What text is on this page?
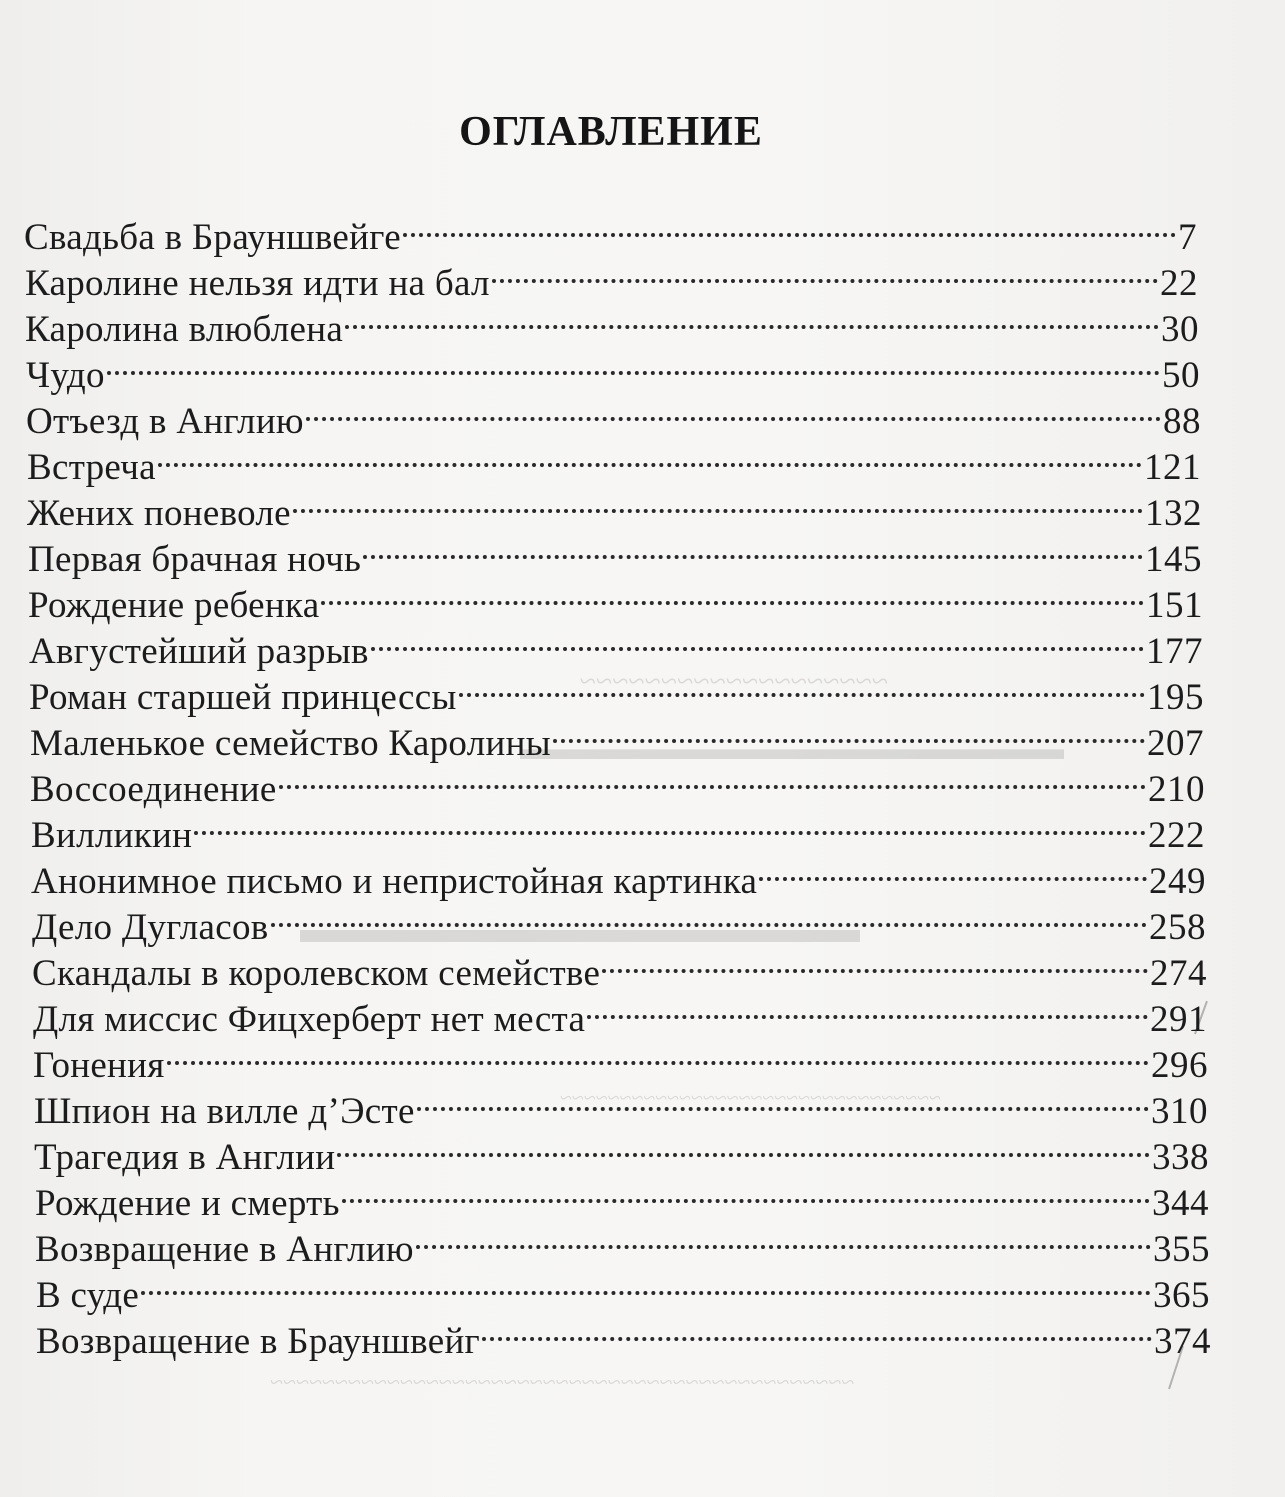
~~~~~~~~~~~~~~~~~~~
▬▬▬▬▬▬▬▬▬▬▬▬▬▬▬▬▬
▬▬▬▬▬▬▬▬▬▬▬▬▬▬
~~~~~~~~~~~~~~~~~~~~~~~~~~~~~~~~
~~~~~~~~~~~~~~~~~~~~~~~~~~~~~~~~~~~~~~~~~~~~~
ОГЛАВЛЕНИЕ
Свадьба в Брауншвейге	7
Каролине нельзя идти на бал	22
Каролина влюблена	30
Чудо	50
Отъезд в Англию	88
Встреча	121
Жених поневоле	132
Первая брачная ночь	145
Рождение ребенка	151
Августейший разрыв	177
Роман старшей принцессы	195
Маленькое семейство Каролины	207
Воссоединение	210
Вилликин	222
Анонимное письмо и непристойная картинка	249
Дело Дугласов	258
Скандалы в королевском семействе	274
Для миссис Фицхерберт нет места	291
Гонения	296
Шпион на вилле д’Эсте	310
Трагедия в Англии	338
Рождение и смерть	344
Возвращение в Англию	355
В суде	365
Возвращение в Брауншвейг	374
